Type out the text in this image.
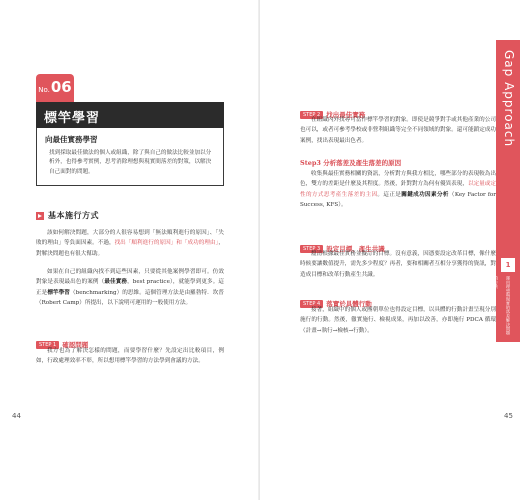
No. 06
標竿學習
向最佳實務學習
找到採取最佳做法的個人或組織，除了與自己的做法比較並加以分析外，也得參考實例，思考消除理想與現實間落差的對策，以解決自己面對的問題。
基本施行方式

該如何解決問題，大部分的人很容易想到「無法順利進行的原因」、「失敗的理由」等負面因素。不過，找出「順利進行的原因」和「成功的理由」，對解決問題也有很大幫助。

如果在自己的組織內找不到這些因素，只要從其他案例學習即可。仿效對象是表現最出色的案例（最佳實務，best practice），就能學到更多。這正是標竿學習（benchmarking）的思維。這個管理方法是由羅勃特．坎普（Robert Camp）所提出，以下說明可運用的一般使用方法。

STEP 1 確認問題

我方也為了解決怎樣的問題，而要學習什麼？先設定出比較項目，例如，行政處理效率不彰，所以想用標竿學習的方法學到會議的方法。

44
STEP 2 找出最佳實務

在組織內外找尋可當作標竿學習的對象。即使是競爭對手或其他產業的公司也可以，或者可參考學校或非營利組織等完全不同領域的對象。還可能鎖定成功案例，找出表現最出色者。

Step3 分析落差及產生落差的原因

收集與最佳實務相關的資訊，分析對方與我方相比，哪些部分的表現較為出色，雙方的差距是什麼及其程度。然後，針對對方為何有優異表現，以定量或定性的方式思考產生落差的主因。這正是關鍵成功因素分析（Key Factor for Success, KFS）。

STEP 3 設定目標、產生共識

釐清根據最佳實務並擬訂的目標。沒有意義，因憑要設定改革目標，像什麼時候要讓數值提升，需先多少程度？再者，要和相關者互相分享獲得的資訊，對造成目標和改革行動產生共識。

STEP 4 落實於具體行動

接著，組織中的個人或團朝單位也得設定目標，以具體的行動計畫呈現分別施行的行動。然後，徹實施行、檢視成果，再加以改善，亦即施行 PDCA 循環（計畫→執行→檢核→行動）。

Gap Approach
1
運用理想與現實的落差解決問題的方法
45
